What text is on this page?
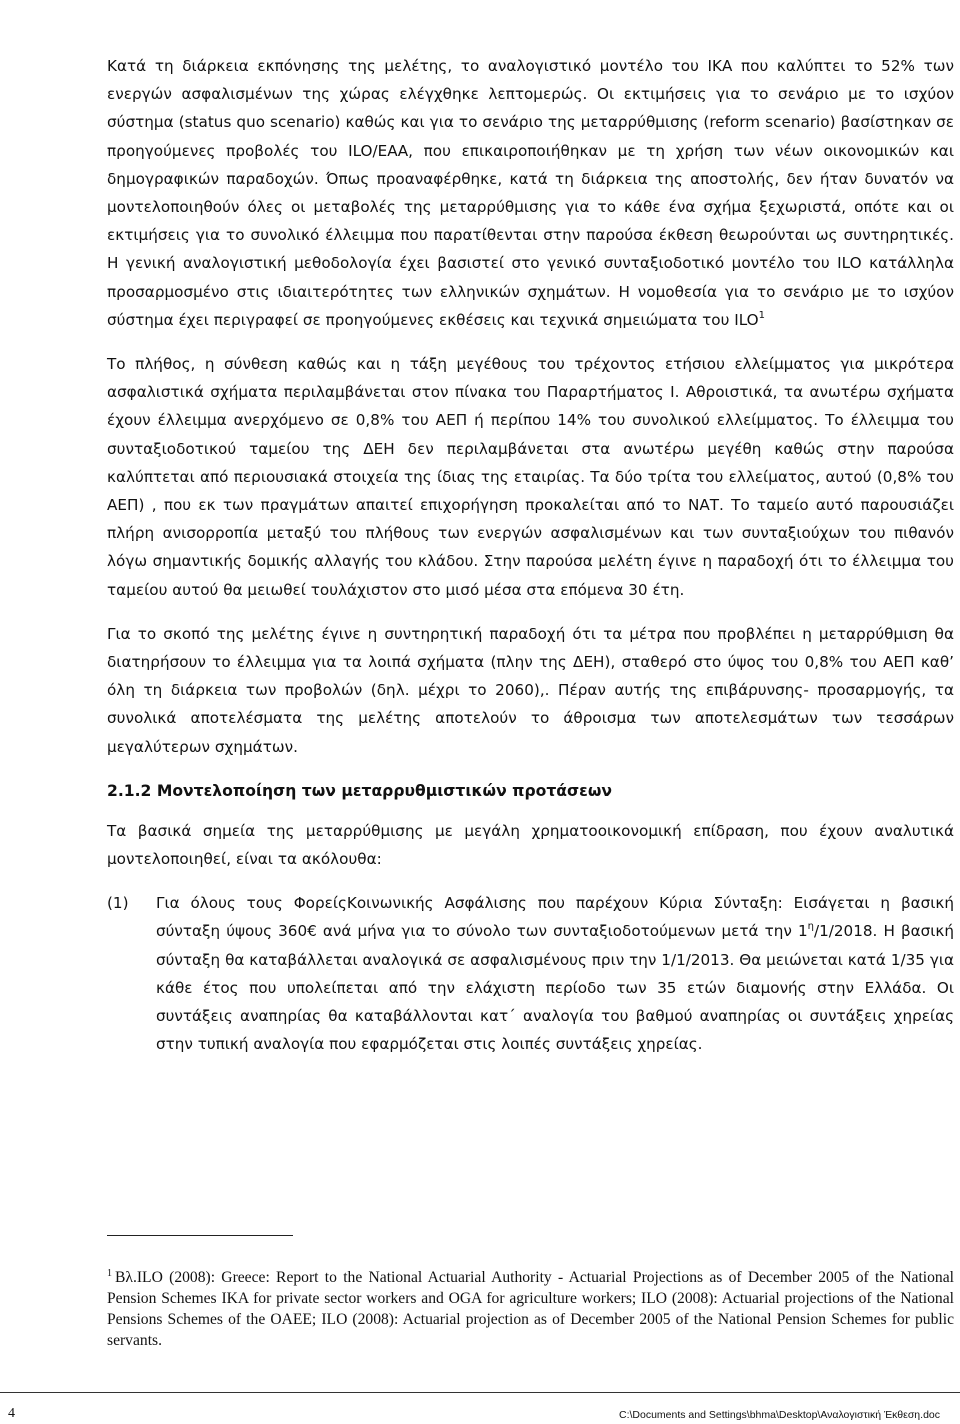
Κατά τη διάρκεια εκπόνησης της μελέτης, το αναλογιστικό μοντέλο του ΙΚΑ που καλύπτει το 52% των ενεργών ασφαλισμένων της χώρας ελέγχθηκε λεπτομερώς. Οι εκτιμήσεις για το σενάριο με το ισχύον σύστημα (status quo scenario) καθώς και για το σενάριο της μεταρρύθμισης (reform scenario) βασίστηκαν σε προηγούμενες προβολές του ILO/ΕΑΑ, που επικαιροποιήθηκαν με τη χρήση των νέων οικονομικών και δημογραφικών παραδοχών. Όπως προαναφέρθηκε, κατά τη διάρκεια της αποστολής, δεν ήταν δυνατόν να μοντελοποιηθούν όλες οι μεταβολές της μεταρρύθμισης για το κάθε ένα σχήμα ξεχωριστά, οπότε και οι εκτιμήσεις για το συνολικό έλλειμμα που παρατίθενται στην παρούσα έκθεση θεωρούνται ως συντηρητικές. Η γενική αναλογιστική μεθοδολογία έχει βασιστεί στο γενικό συνταξιοδοτικό μοντέλο του ILO κατάλληλα προσαρμοσμένο στις ιδιαιτερότητες των ελληνικών σχημάτων. Η νομοθεσία για το σενάριο με το ισχύον σύστημα έχει περιγραφεί σε προηγούμενες εκθέσεις και τεχνικά σημειώματα του ILO$^1$

Το πλήθος, η σύνθεση καθώς και η τάξη μεγέθους του τρέχοντος ετήσιου ελλείμματος για μικρότερα ασφαλιστικά σχήματα περιλαμβάνεται στον πίνακα του Παραρτήματος Ι. Αθροιστικά, τα ανωτέρω σχήματα έχουν έλλειμμα ανερχόμενο σε 0,8% του ΑΕΠ ή περίπου 14% του συνολικού ελλείμματος. Το έλλειμμα του συνταξιοδοτικού ταμείου της ΔΕΗ δεν περιλαμβάνεται στα ανωτέρω μεγέθη καθώς στην παρούσα καλύπτεται από περιουσιακά στοιχεία της ίδιας της εταιρίας. Τα δύο τρίτα του ελλείματος, αυτού (0,8% του ΑΕΠ) , που εκ των πραγμάτων απαιτεί επιχορήγηση προκαλείται από το ΝΑΤ. Το ταμείο αυτό παρουσιάζει πλήρη ανισορροπία μεταξύ του πλήθους των ενεργών ασφαλισμένων και των συνταξιούχων του πιθανόν λόγω σημαντικής δομικής αλλαγής του κλάδου. Στην παρούσα μελέτη έγινε η παραδοχή ότι το έλλειμμα του ταμείου αυτού θα μειωθεί τουλάχιστον στο μισό μέσα στα επόμενα 30 έτη.

Για το σκοπό της μελέτης έγινε η συντηρητική παραδοχή ότι τα μέτρα που προβλέπει η μεταρρύθμιση θα διατηρήσουν το έλλειμμα για τα λοιπά σχήματα (πλην της ΔΕΗ), σταθερό στο ύψος του 0,8% του ΑΕΠ καθ’ όλη τη διάρκεια των προβολών (δηλ. μέχρι το 2060),. Πέραν αυτής της επιβάρυνσης- προσαρμογής, τα συνολικά αποτελέσματα της μελέτης αποτελούν το άθροισμα των αποτελεσμάτων των τεσσάρων μεγαλύτερων σχημάτων.

2.1.2 Μοντελοποίηση των μεταρρυθμιστικών προτάσεων

Τα βασικά σημεία της μεταρρύθμισης με μεγάλη χρηματοοικονομική επίδραση, που έχουν αναλυτικά μοντελοποιηθεί, είναι τα ακόλουθα:

(1)	Για όλους τους ΦορείςΚοινωνικής Ασφάλισης που παρέχουν Κύρια Σύνταξη: Εισάγεται η βασική σύνταξη ύψους 360€ ανά μήνα για το σύνολο των συνταξιοδοτούμενων μετά την $1^\eta/1/2018$. Η βασική σύνταξη θα καταβάλλεται αναλογικά σε ασφαλισμένους πριν την 1/1/2013. Θα μειώνεται κατά 1/35 για κάθε έτος που υπολείπεται από την ελάχιστη περίοδο των 35 ετών διαμονής στην Ελλάδα. Οι συντάξεις αναπηρίας θα καταβάλλονται κατ΄ αναλογία του βαθμού αναπηρίας οι συντάξεις χηρείας στην τυπική αναλογία που εφαρμόζεται στις λοιπές συντάξεις χηρείας.

$^1$ Βλ.ILO (2008): Greece: Report to the National Actuarial Authority - Actuarial Projections as of December 2005 of the National Pension Schemes IKA for private sector workers and OGA for agriculture workers; ILO (2008): Actuarial projections of the National Pensions Schemes of the OAEE; ILO (2008): Actuarial projection as of December 2005 of the National Pension Schemes for public servants.

4	C:\Documents and Settings\bhma\Desktop\Αναλογιστική Έκθεση.doc
